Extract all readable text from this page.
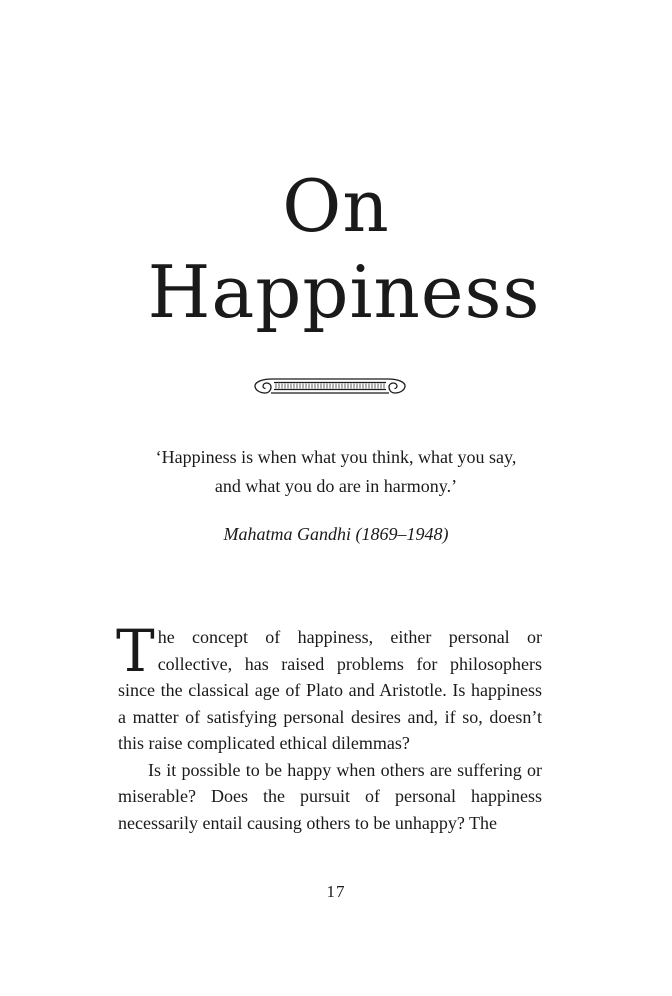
On
Happiness
‘Happiness is when what you think, what you say,
and what you do are in harmony.’
Mahatma Gandhi (1869–1948)

The concept of happiness, either personal or collective, has raised problems for philosophers since the classical age of Plato and Aristotle. Is happiness a matter of satisfying personal desires and, if so, doesn’t this raise complicated ethical dilemmas?

Is it possible to be happy when others are suffering or miserable? Does the pursuit of personal happiness necessarily entail causing others to be unhappy? The

17
